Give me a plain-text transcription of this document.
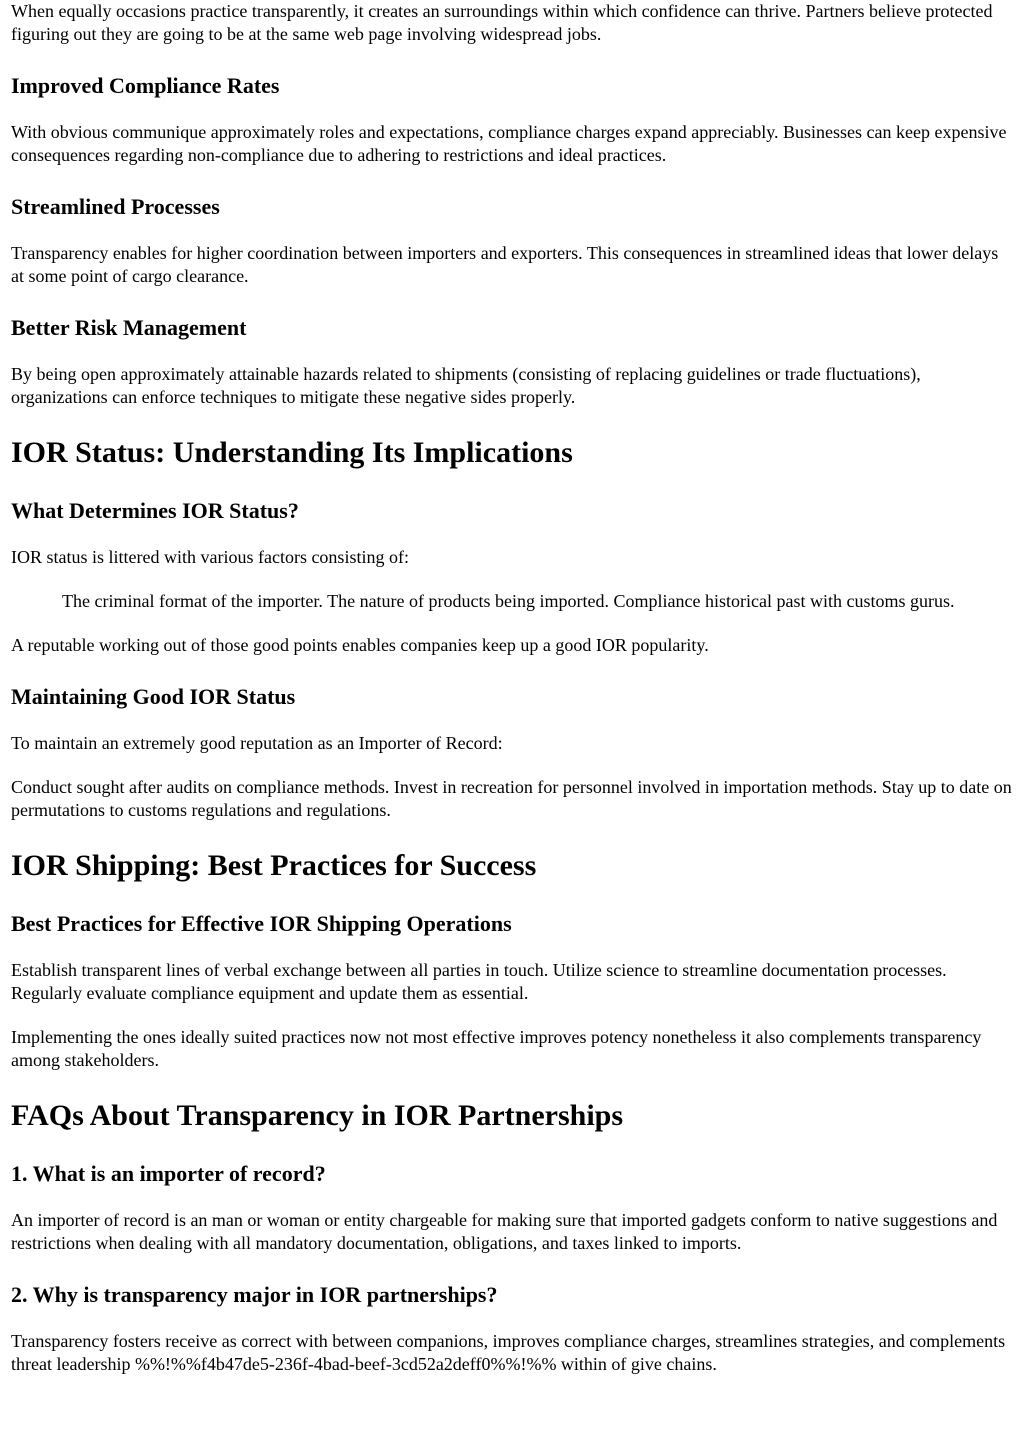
When equally occasions practice transparently, it creates an surroundings within which confidence can thrive. Partners believe protected figuring out they are going to be at the same web page involving widespread jobs.

Improved Compliance Rates

With obvious communique approximately roles and expectations, compliance charges expand appreciably. Businesses can keep expensive consequences regarding non-compliance due to adhering to restrictions and ideal practices.

Streamlined Processes

Transparency enables for higher coordination between importers and exporters. This consequences in streamlined ideas that lower delays at some point of cargo clearance.

Better Risk Management

By being open approximately attainable hazards related to shipments (consisting of replacing guidelines or trade fluctuations), organizations can enforce techniques to mitigate these negative sides properly.

IOR Status: Understanding Its Implications
What Determines IOR Status?

IOR status is littered with various factors consisting of:

The criminal format of the importer. The nature of products being imported. Compliance historical past with customs gurus.

A reputable working out of those good points enables companies keep up a good IOR popularity.

Maintaining Good IOR Status

To maintain an extremely good reputation as an Importer of Record:

Conduct sought after audits on compliance methods. Invest in recreation for personnel involved in importation methods. Stay up to date on permutations to customs regulations and regulations.

IOR Shipping: Best Practices for Success
Best Practices for Effective IOR Shipping Operations

Establish transparent lines of verbal exchange between all parties in touch. Utilize science to streamline documentation processes. Regularly evaluate compliance equipment and update them as essential.

Implementing the ones ideally suited practices now not most effective improves potency nonetheless it also complements transparency among stakeholders.

FAQs About Transparency in IOR Partnerships
1. What is an importer of record?

An importer of record is an man or woman or entity chargeable for making sure that imported gadgets conform to native suggestions and restrictions when dealing with all mandatory documentation, obligations, and taxes linked to imports.

2. Why is transparency major in IOR partnerships?

Transparency fosters receive as correct with between companions, improves compliance charges, streamlines strategies, and complements threat leadership %%!%%f4b47de5-236f-4bad-beef-3cd52a2deff0%%!%% within of give chains.
